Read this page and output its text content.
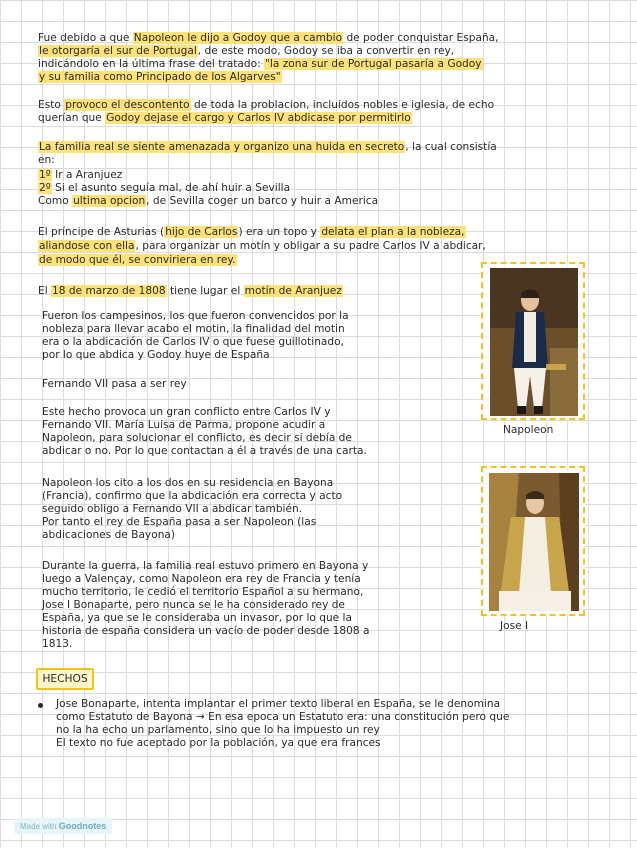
Fue debido a que Napoleon le dijo a Godoy que a cambio de poder conquistar España,
le otorgaría el sur de Portugal, de este modo, Godoy se iba a convertir en rey,
indicándolo en la última frase del tratado: "la zona sur de Portugal pasaría a Godoy
y su familia como Principado de los Algarves"
Esto provoco el descontento de toda la problacion, incluidos nobles e iglesia, de echo
querían que Godoy dejase el cargo y Carlos IV abdicase por permitirlo
La familia real se siente amenazada y organizo una huida en secreto, la cual consistía
en:
1º Ir a Aranjuez
2º Si el asunto seguía mal, de ahí huir a Sevilla
Como ultima opcion, de Sevilla coger un barco y huir a America
El príncipe de Asturias (hijo de Carlos) era un topo y delata el plan a la nobleza,
aliandose con ella, para organizar un motín y obligar a su padre Carlos IV a abdicar,
de modo que él, se conviriera en rey.
El 18 de marzo de 1808 tiene lugar el motín de Aranjuez
Fueron los campesinos, los que fueron convencidos por la
nobleza para llevar acabo el motin, la finalidad del motin
era o la abdicación de Carlos IV o que fuese guillotinado,
por lo que abdica y Godoy huye de España
Fernando VII pasa a ser rey
Este hecho provoca un gran conflicto entre Carlos IV y
Fernando VII. María Luisa de Parma, propone acudir a
Napoleon, para solucionar el conflicto, es decir si debía de
abdicar o no. Por lo que contactan a él a través de una carta.
Napoleon los cito a los dos en su residencia en Bayona
(Francia), confirmo que la abdicación era correcta y acto
seguido obligo a Fernando VII a abdicar también.
Por tanto el rey de España pasa a ser Napoleon (las
abdicaciones de Bayona)
Durante la guerra, la familia real estuvo primero en Bayona y
luego a Valençay, como Napoleon era rey de Francia y tenía
mucho territorio, le cedió el territorio Español a su hermano,
Jose I Bonaparte, pero nunca se le ha considerado rey de
España, ya que se le consideraba un invasor, por lo que la
historia de españa considera un vacío de poder desde 1808 a
1813.
Napoleon
Jose I
HECHOS
Jose Bonaparte, intenta implantar el primer texto liberal en España, se le denomina
como Estatuto de Bayona → En esa epoca un Estatuto era: una constitución pero que
no la ha echo un parlamento, sino que lo ha impuesto un rey
El texto no fue aceptado por la población, ya que era frances
Made with Goodnotes
